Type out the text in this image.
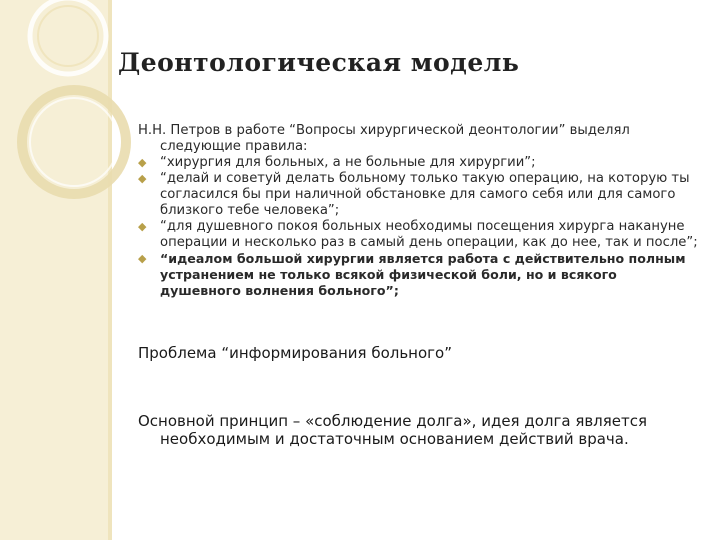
Деонтологическая модель
Н.Н. Петров в работе “Вопросы хирургической деонтологии” выделял следующие правила:
◆ “хирургия для больных, а не больные для хирургии”;
◆ “делай и советуй делать больному только такую операцию, на которую ты согласился бы при наличной обстановке для самого себя или для самого близкого тебе человека”;
◆ “для душевного покоя больных необходимы посещения хирурга накануне операции и несколько раз в самый день операции, как до нее, так и после”;
◆ “идеалом большой хирургии является работа с действительно полным устранением не только всякой физической боли, но и всякого душевного волнения больного”;
Проблема “информирования больного”
Основной принцип – «соблюдение долга», идея долга является необходимым и достаточным основанием действий врача.
